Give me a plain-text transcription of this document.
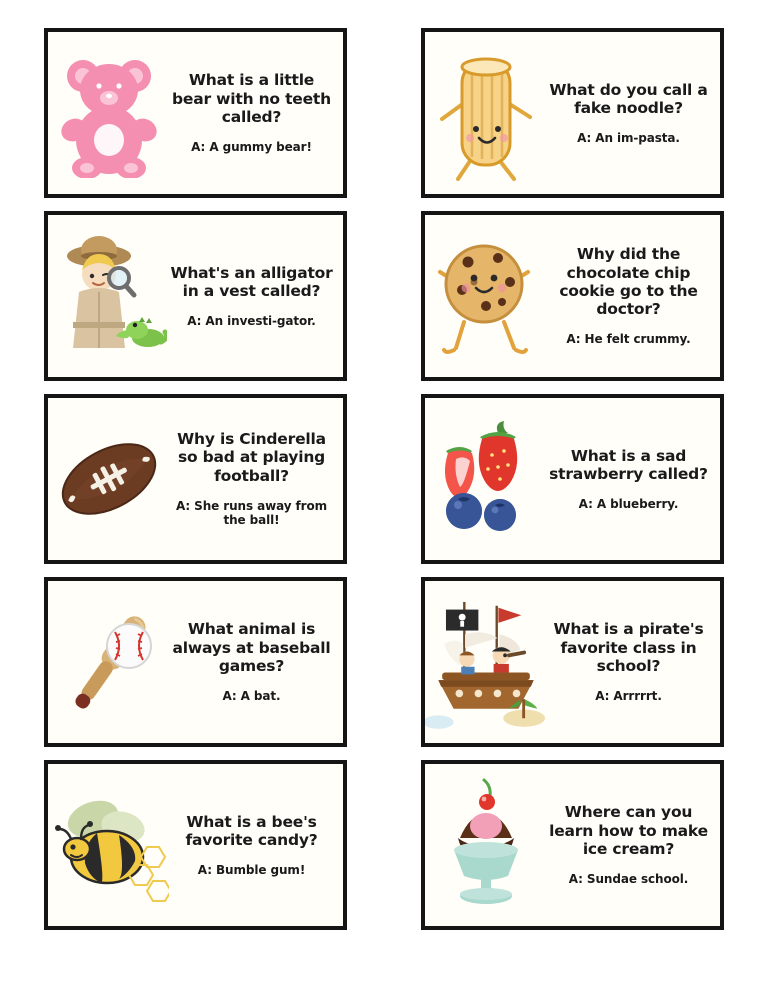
What is a little bear with no teeth called?
A: A gummy bear!
What do you call a fake noodle?
A: An im-pasta.
What's an alligator in a vest called?
A: An investi-gator.
Why did the chocolate chip cookie go to the doctor?
A: He felt crummy.
Why is Cinderella so bad at playing football?
A: She runs away from the ball!
What is a sad strawberry called?
A: A blueberry.
What animal is always at baseball games?
A: A bat.
What is a pirate's favorite class in school?
A: Arrrrrt.
What is a bee's favorite candy?
A: Bumble gum!
Where can you learn how to make ice cream?
A: Sundae school.
